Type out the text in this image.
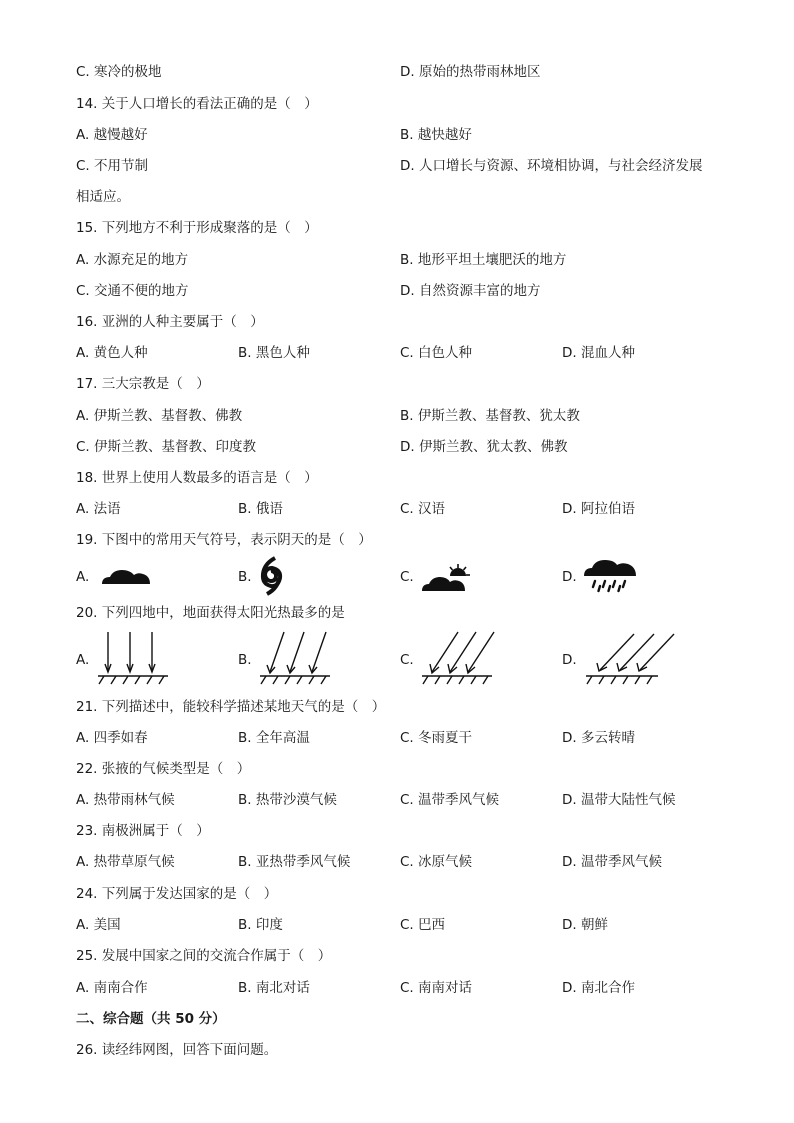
C. 寒冷的极地	D. 原始的热带雨林地区
14. 关于人口增长的看法正确的是（　）
A. 越慢越好	B. 越快越好
C. 不用节制	D. 人口增长与资源、环境相协调，与社会经济发展
相适应。
15. 下列地方不利于形成聚落的是（　）
A. 水源充足的地方	B. 地形平坦土壤肥沃的地方
C. 交通不便的地方	D. 自然资源丰富的地方
16. 亚洲的人种主要属于（　）
A. 黄色人种	B. 黑色人种	C. 白色人种	D. 混血人种
17. 三大宗教是（　）
A. 伊斯兰教、基督教、佛教	B. 伊斯兰教、基督教、犹太教
C. 伊斯兰教、基督教、印度教	D. 伊斯兰教、犹太教、佛教
18. 世界上使用人数最多的语言是（　）
A. 法语	B. 俄语	C. 汉语	D. 阿拉伯语
19. 下图中的常用天气符号，表示阴天的是（　）
A.	B.	C.	D.
20. 下列四地中，地面获得太阳光热最多的是
A.	B.	C.	D.
21. 下列描述中，能较科学描述某地天气的是（　）
A. 四季如春	B. 全年高温	C. 冬雨夏干	D. 多云转晴
22. 张掖的气候类型是（　）
A. 热带雨林气候	B. 热带沙漠气候	C. 温带季风气候	D. 温带大陆性气候
23. 南极洲属于（　）
A. 热带草原气候	B. 亚热带季风气候	C. 冰原气候	D. 温带季风气候
24. 下列属于发达国家的是（　）
A. 美国	B. 印度	C. 巴西	D. 朝鲜
25. 发展中国家之间的交流合作属于（　）
A. 南南合作	B. 南北对话	C. 南南对话	D. 南北合作
二、综合题（共 50 分）
26. 读经纬网图，回答下面问题。
